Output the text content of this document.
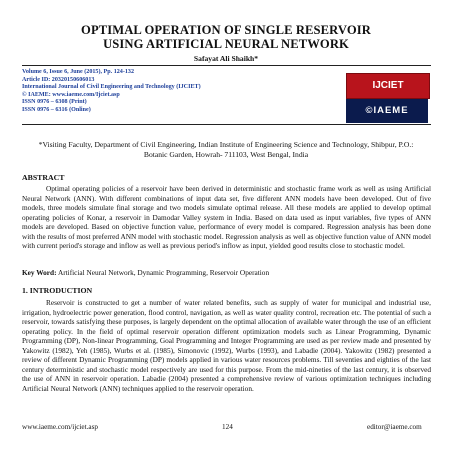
OPTIMAL OPERATION OF SINGLE RESERVOIR
USING ARTIFICIAL NEURAL NETWORK
Safayat Ali Shaikh*
Volume 6, Issue 6, June (2015), Pp. 124-132
Article ID: 20320150606013
International Journal of Civil Engineering and Technology (IJCIET)
© IAEME: www.iaeme.com/Ijciet.asp
ISSN 0976 – 6308 (Print)
ISSN 0976 – 6316 (Online)
IJCIET
©IAEME
*Visiting Faculty, Department of Civil Engineering, Indian Institute of Engineering Science and Technology, Shibpur, P.O.: Botanic Garden, Howrah- 711103, West Bengal, India
ABSTRACT
Optimal operating policies of a reservoir have been derived in deterministic and stochastic frame work as well as using Artificial Neural Network (ANN). With different combinations of input data set, five different ANN models have been developed. Out of five models, three models simulate final storage and two models simulate optimal release. All these models are applied to develop optimal operating policies of Konar, a reservoir in Damodar Valley system in India. Based on data used as input variables, five types of ANN models are developed. Based on objective function value, performance of every model is compared. Regression analysis has been done with the results of most preferred ANN model with stochastic model. Regression analysis as well as objective function value of ANN model with current period's storage and inflow as well as previous period's inflow as input, yielded good results close to stochastic model.
Key Word: Artificial Neural Network, Dynamic Programming, Reservoir Operation
1. INTRODUCTION
Reservoir is constructed to get a number of water related benefits, such as supply of water for municipal and industrial use, irrigation, hydroelectric power generation, flood control, navigation, as well as water quality control, recreation etc. The potential of such a reservoir, towards satisfying these purposes, is largely dependent on the optimal allocation of available water through the use of an efficient operating policy. In the field of optimal reservoir operation different optimization models such as Linear Programming, Dynamic Programming (DP), Non-linear Programming, Goal Programming and Integer Programming are used as per review made and presented by Yakowitz (1982), Yeh (1985), Wurbs et al. (1985), Simonovic (1992), Wurbs (1993), and Labadie (2004). Yakowitz (1982) presented a review of different Dynamic Programming (DP) models applied in various water resources problems. Till seventies and eighties of the last century deterministic and stochastic model respectively are used for this purpose. From the mid-nineties of the last century, it is observed the use of ANN in reservoir operation. Labadie (2004) presented a comprehensive review of various optimization techniques including Artificial Neural Network (ANN) techniques applied to the reservoir operation.
www.iaeme.com/ijciet.asp	124	editor@iaeme.com
